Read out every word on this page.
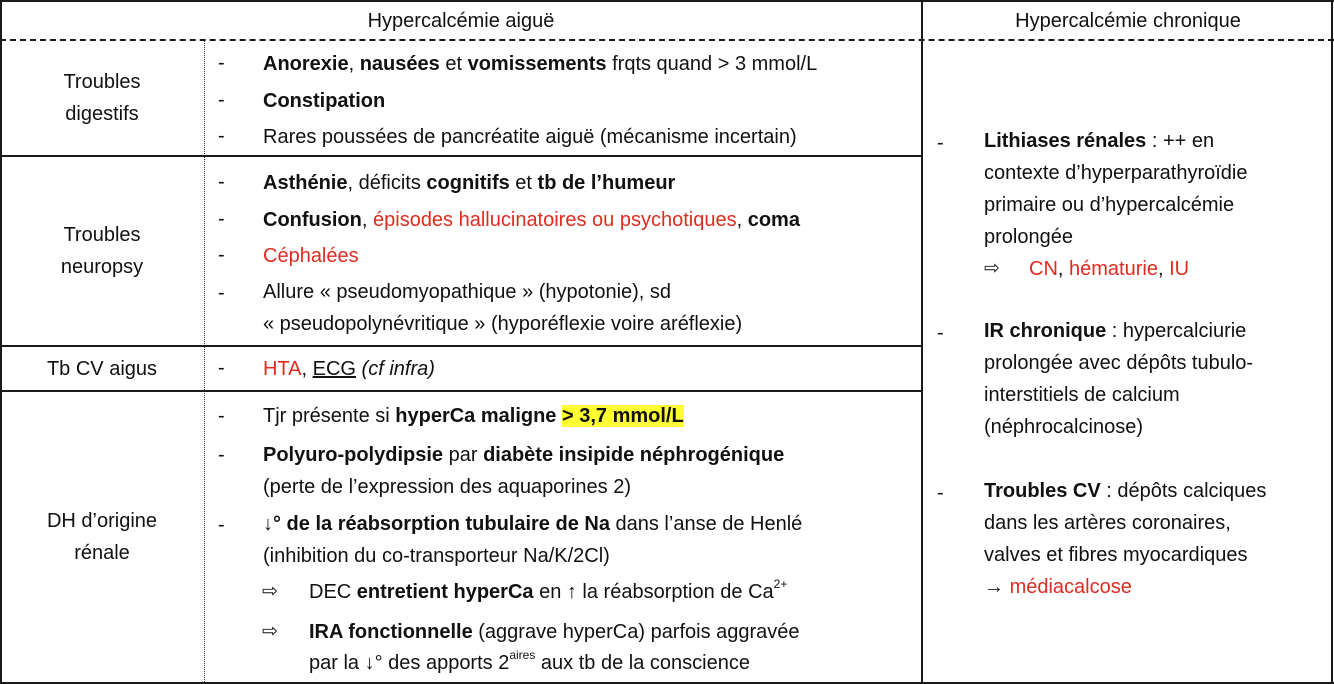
Hypercalcémie aiguë	Hypercalcémie chronique
Troubles
digestifs
Troubles
neuropsy
Tb CV aigus
DH d’origine
rénale
- Anorexie, nausées et vomissements frqts quand > 3 mmol/L
- Constipation
- Rares poussées de pancréatite aiguë (mécanisme incertain)
- Asthénie, déficits cognitifs et tb de l’humeur
- Confusion, épisodes hallucinatoires ou psychotiques, coma
- Céphalées
- Allure « pseudomyopathique » (hypotonie), sd
« pseudopolynévritique » (hyporéflexie voire aréflexie)
- HTA, ECG (cf infra)
- Tjr présente si hyperCa maligne > 3,7 mmol/L
- Polyuro-polydipsie par diabète insipide néphrogénique
(perte de l’expression des aquaporines 2)
- ↓° de la réabsorption tubulaire de Na dans l’anse de Henlé
(inhibition du co-transporteur Na/K/2Cl)
⇨ DEC entretient hyperCa en ↑ la réabsorption de $Ca^{2+}$
⇨ IRA fonctionnelle (aggrave hyperCa) parfois aggravée
par la ↓° des apports $2^{aires}$ aux tb de la conscience
- Lithiases rénales : ++ en
contexte d’hyperparathyroïdie
primaire ou d’hypercalcémie
prolongée
⇨ CN, hématurie, IU
- IR chronique : hypercalciurie
prolongée avec dépôts tubulo-
interstitiels de calcium
(néphrocalcinose)
- Troubles CV : dépôts calciques
dans les artères coronaires,
valves et fibres myocardiques
→ médiacalcose
